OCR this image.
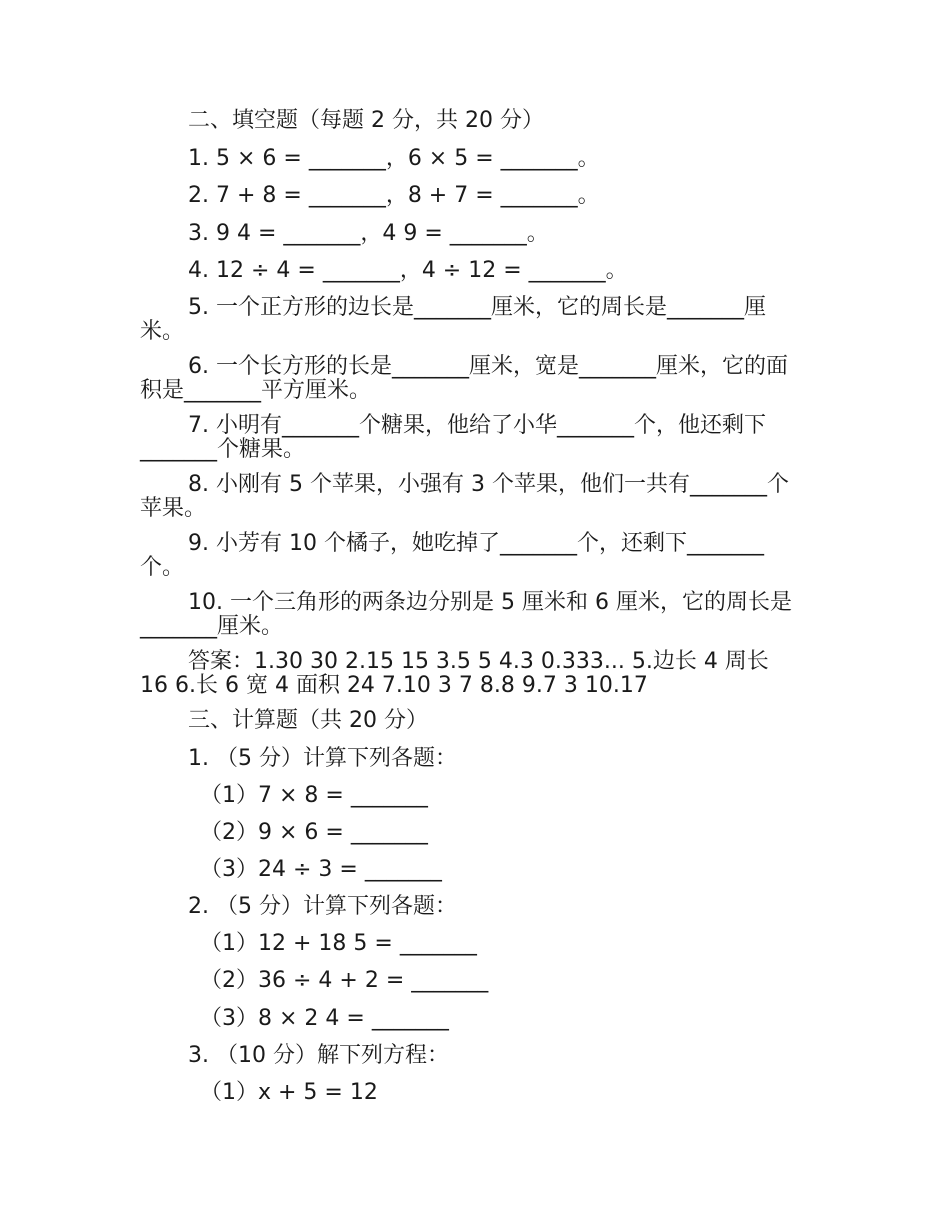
二、填空题（每题 2 分，共 20 分）
1. 5 × 6 = _______，6 × 5 = _______。
2. 7 + 8 = _______，8 + 7 = _______。
3. 9 4 = _______，4 9 = _______。
4. 12 ÷ 4 = _______，4 ÷ 12 = _______。
5. 一个正方形的边长是_______厘米，它的周长是_______厘米。
6. 一个长方形的长是_______厘米，宽是_______厘米，它的面积是_______平方厘米。
7. 小明有_______个糖果，他给了小华_______个，他还剩下_______个糖果。
8. 小刚有 5 个苹果，小强有 3 个苹果，他们一共有_______个苹果。
9. 小芳有 10 个橘子，她吃掉了_______个，还剩下_______个。
10. 一个三角形的两条边分别是 5 厘米和 6 厘米，它的周长是_______厘米。
答案：1.30 30 2.15 15 3.5 5 4.3 0.333... 5.边长 4 周长 16 6.长 6 宽 4 面积 24 7.10 3 7 8.8 9.7 3 10.17
三、计算题（共 20 分）
1. （5 分）计算下列各题：
（1）7 × 8 = _______
（2）9 × 6 = _______
（3）24 ÷ 3 = _______
2. （5 分）计算下列各题：
（1）12 + 18 5 = _______
（2）36 ÷ 4 + 2 = _______
（3）8 × 2 4 = _______
3. （10 分）解下列方程：
（1）x + 5 = 12
